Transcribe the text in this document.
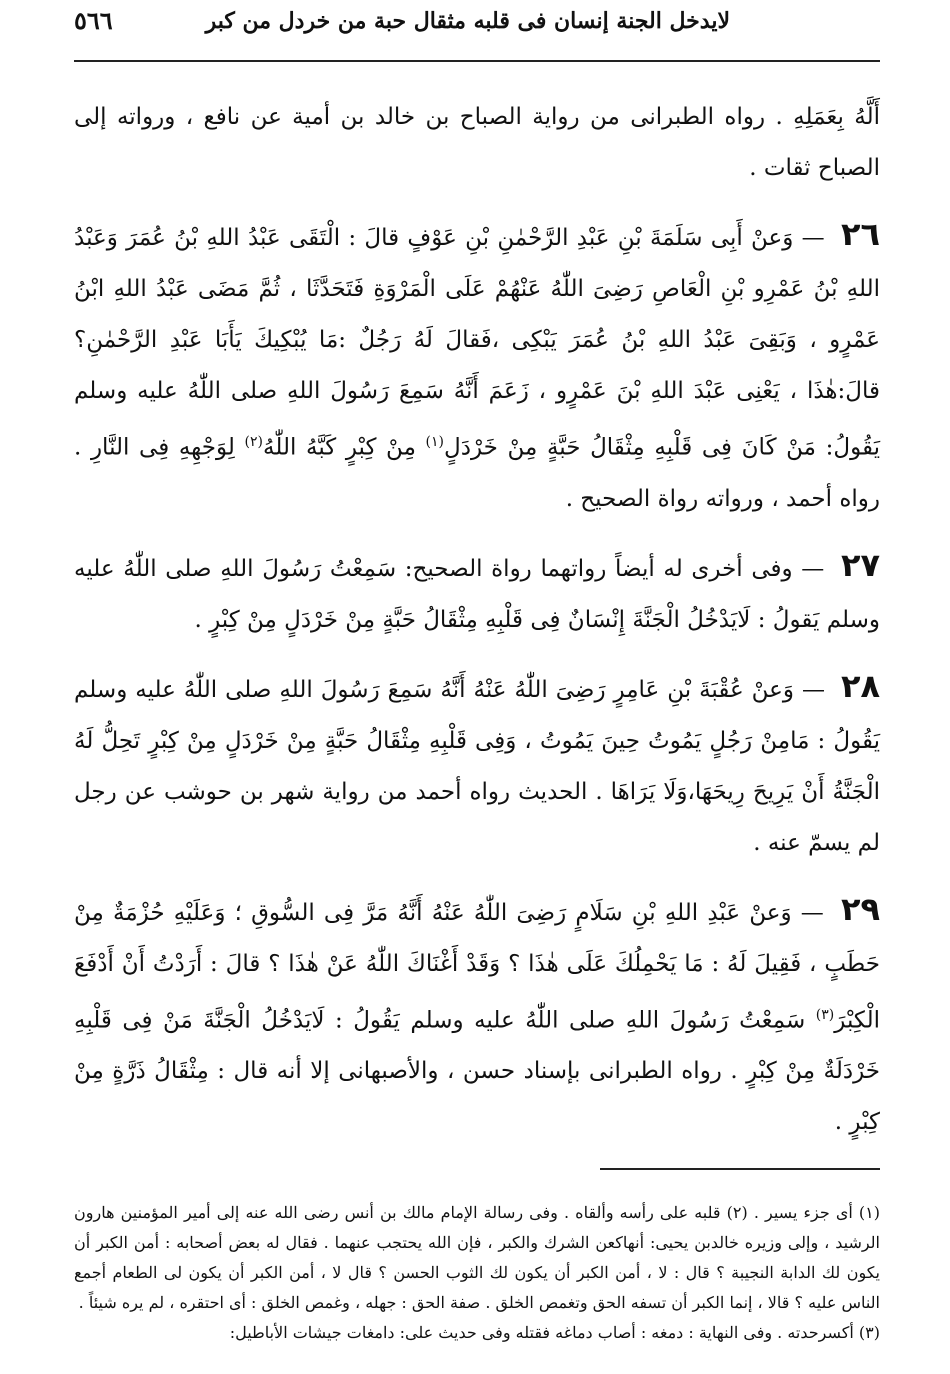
لايدخل الجنة إنسان فى قلبه مثقال حبة من خردل من كبر
٥٦٦

أَلَّهُ بِعَمَلِهِ . رواه الطبرانى من رواية الصباح بن خالد بن أمية عن نافع ، ورواته إلى الصباح ثقات .

٢٦ — وَعنْ أَبِى سَلَمَةَ بْنِ عَبْدِ الرَّحْمٰنِ بْنِ عَوْفٍ قالَ : الْتَقَى عَبْدُ اللهِ بْنُ عُمَرَ وَعَبْدُ اللهِ بْنُ عَمْرِو بْنِ الْعَاصِ رَضِىَ اللّٰهُ عَنْهُمْ عَلَى الْمَرْوَةِ فَتَحَدَّثَا ، ثُمَّ مَضَى عَبْدُ اللهِ ابْنُ عَمْرٍو ، وَبَقِىَ عَبْدُ اللهِ بْنُ عُمَرَ يَبْكِى ،فَقالَ لَهُ رَجُلٌ :مَا يُبْكِيكَ يَأَبَا عَبْدِ الرَّحْمٰنِ؟ قالَ:هٰذَا ، يَعْنِى عَبْدَ اللهِ بْنَ عَمْرٍو ، زَعَمَ أَنَّهُ سَمِعَ رَسُولَ اللهِ صلى اللّٰهُ عليه وسلم يَقُولُ: مَنْ كَانَ فِى قَلْبِهِ مِثْقَالُ حَبَّةٍ مِنْ خَرْدَلٍ$^{(١)}$ مِنْ كِبْرٍ كَبَّهُ اللّٰهُ$^{(٢)}$ لِوَجْهِهِ فِى النَّارِ . رواه أحمد ، ورواته رواة الصحيح .

٢٧ — وفى أخرى له أيضاً رواتهما رواة الصحيح: سَمِعْتُ رَسُولَ اللهِ صلى اللّٰهُ عليه وسلم يَقولُ : لَايَدْخُلُ الْجَنَّةَ إِنْسَانٌ فِى قَلْبِهِ مِثْقَالُ حَبَّةٍ مِنْ خَرْدَلٍ مِنْ كِبْرٍ .

٢٨ — وَعنْ عُقْبَةَ بْنِ عَامِرٍ رَضِىَ اللّٰهُ عَنْهُ أَنَّهُ سَمِعَ رَسُولَ اللهِ صلى اللّٰهُ عليه وسلم يَقُولُ : مَامِنْ رَجُلٍ يَمُوتُ حِينَ يَمُوتُ ، وَفِى قَلْبِهِ مِثْقَالُ حَبَّةٍ مِنْ خَرْدَلٍ مِنْ كِبْرٍ تَحِلُّ لَهُ الْجَنَّةُ أَنْ يَرِيحَ رِيحَهَا،وَلَا يَرَاهَا . الحديث رواه أحمد من رواية شهر بن حوشب عن رجل لم يسمّ عنه .

٢٩ — وَعنْ عَبْدِ اللهِ بْنِ سَلَامٍ رَضِىَ اللّٰهُ عَنْهُ أَنَّهُ مَرَّ فِى السُّوقِ ؛ وَعَلَيْهِ حُزْمَةٌ مِنْ حَطَبٍ ، فَقِيلَ لَهُ : مَا يَحْمِلُكَ عَلَى هٰذَا ؟ وَقَدْ أَغْنَاكَ اللّٰهُ عَنْ هٰذَا ؟ قالَ : أَرَدْتُ أَنْ أَدْفَعَ الْكِبْرَ$^{(٣)}$ سَمِعْتُ رَسُولَ اللهِ صلى اللّٰهُ عليه وسلم يَقُولُ : لَايَدْخُلُ الْجَنَّةَ مَنْ فِى قَلْبِهِ خَرْدَلَةٌ مِنْ كِبْرٍ . رواه الطبرانى بإسناد حسن ، والأصبهانى إلا أنه قال : مِثْقَالُ ذَرَّةٍ مِنْ كِبْرٍ .

(١) أى جزء يسير . (٢) قلبه على رأسه وألقاه . وفى رسالة الإمام مالك بن أنس رضى الله عنه إلى أمير المؤمنين هارون الرشيد ، وإلى وزيره خالدبن يحيى: أنهاكعن الشرك والكبر ، فإن الله يحتجب عنهما . فقال له بعض أصحابه : أمن الكبر أن يكون لك الدابة النجيبة ؟ قال : لا ، أمن الكبر أن يكون لك الثوب الحسن ؟ قال لا ، أمن الكبر أن يكون لى الطعام أجمع الناس عليه ؟ قالا ، إنما الكبر أن تسفه الحق وتغمص الخلق . صفة الحق : جهله ، وغمص الخلق : أى احتقره ، لم يره شيئاً .

(٣) أكسرحدته . وفى النهاية : دمغه : أصاب دماغه فقتله وفى حديث على: دامغات جيشات الأباطيل:
